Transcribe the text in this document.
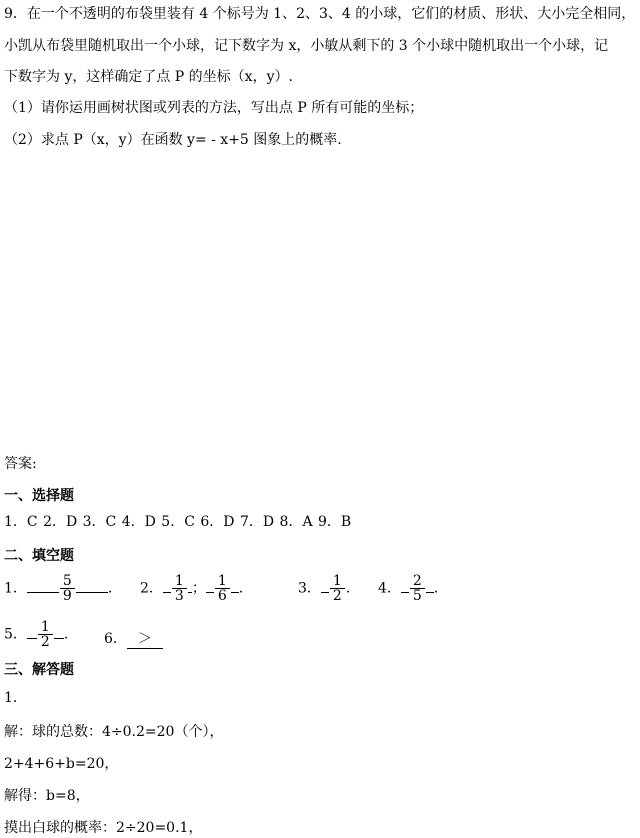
9．在一个不透明的布袋里装有 4 个标号为 1、2、3、4 的小球，它们的材质、形状、大小完全相同，
小凯从布袋里随机取出一个小球，记下数字为 x，小敏从剩下的 3 个小球中随机取出一个小球，记
下数字为 y，这样确定了点 P 的坐标（x，y）.
（1）请你运用画树状图或列表的方法，写出点 P 所有可能的坐标；
（2）求点 P（x，y）在函数 y= - x+5 图象上的概率.
答案:
一、选择题
1．C 2．D 3．C 4．D 5．C 6．D 7．D 8．A 9．B
二、填空题
1． $\frac{5}{9}$ . 2． $\frac{1}{3}$ ； $\frac{1}{6}$ .	3． $\frac{1}{2}$ . 4． $\frac{2}{5}$ .
5． $\frac{1}{2}$ .	6． ＞
三、解答题
1．
解：球的总数：4÷0.2=20（个），
2+4+6+b=20，
解得：b=8，
摸出白球的概率：2÷20=0.1，
